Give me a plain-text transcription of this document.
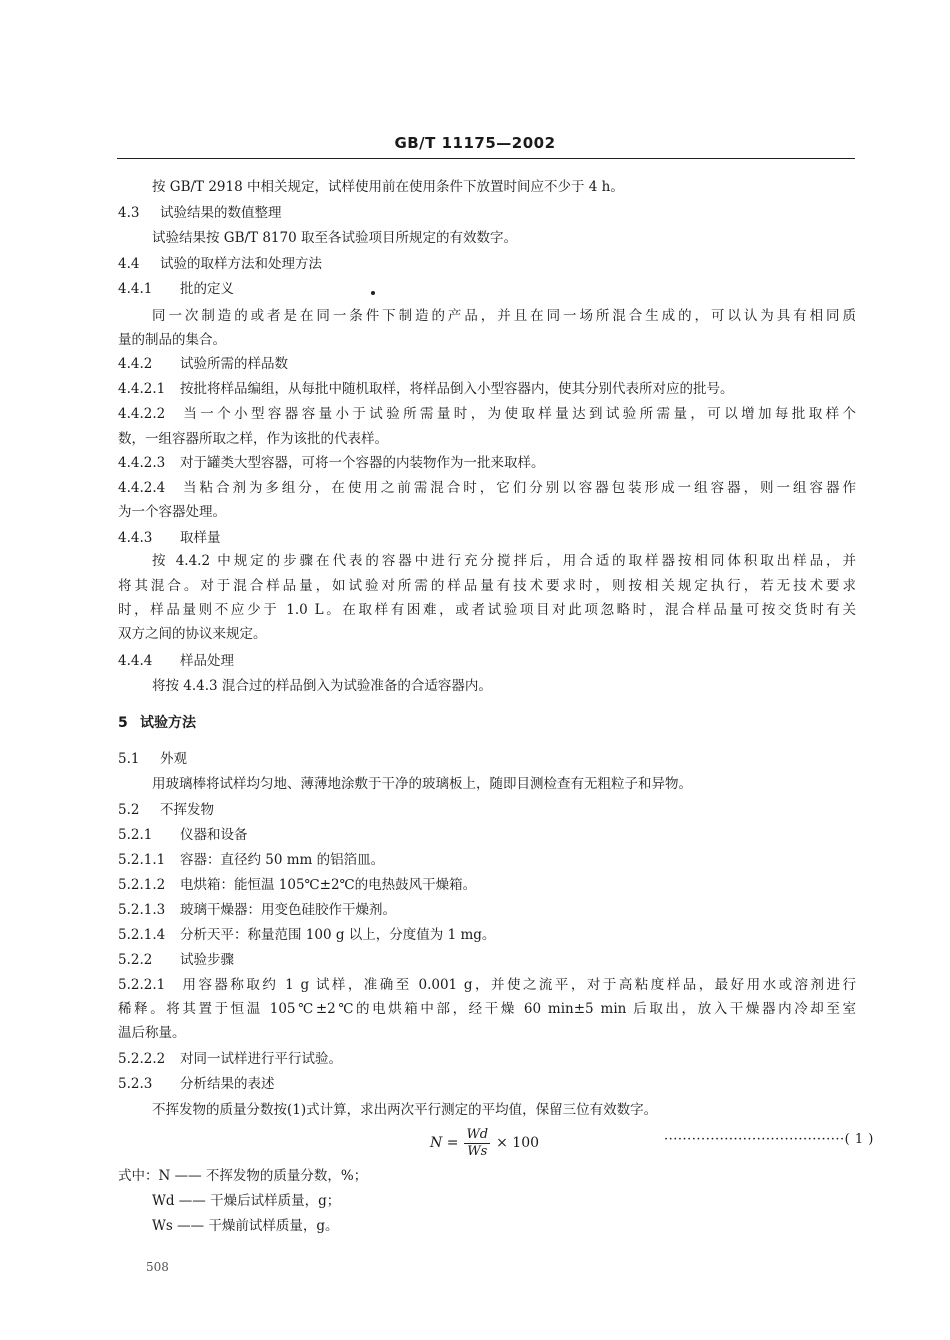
GB/T 11175—2002
按 GB/T 2918 中相关规定，试样使用前在使用条件下放置时间应不少于 4 h。
4.3 试验结果的数值整理
试验结果按 GB/T 8170 取至各试验项目所规定的有效数字。
4.4 试验的取样方法和处理方法
4.4.1 批的定义
同一次制造的或者是在同一条件下制造的产品，并且在同一场所混合生成的，可以认为具有相同质
量的制品的集合。
4.4.2 试验所需的样品数
4.4.2.1 按批将样品编组，从每批中随机取样，将样品倒入小型容器内，使其分别代表所对应的批号。
4.4.2.2 当一个小型容器容量小于试验所需量时，为使取样量达到试验所需量，可以增加每批取样个
数，一组容器所取之样，作为该批的代表样。
4.4.2.3 对于罐类大型容器，可将一个容器的内装物作为一批来取样。
4.4.2.4 当粘合剂为多组分，在使用之前需混合时，它们分别以容器包装形成一组容器，则一组容器作
为一个容器处理。
4.4.3 取样量
按 4.4.2 中规定的步骤在代表的容器中进行充分搅拌后，用合适的取样器按相同体积取出样品，并
将其混合。对于混合样品量，如试验对所需的样品量有技术要求时，则按相关规定执行，若无技术要求
时，样品量则不应少于 1.0 L。在取样有困难，或者试验项目对此项忽略时，混合样品量可按交货时有关
双方之间的协议来规定。
4.4.4 样品处理
将按 4.4.3 混合过的样品倒入为试验准备的合适容器内。
5 试验方法
5.1 外观
用玻璃棒将试样均匀地、薄薄地涂敷于干净的玻璃板上，随即目测检查有无粗粒子和异物。
5.2 不挥发物
5.2.1 仪器和设备
5.2.1.1 容器：直径约 50 mm 的铝箔皿。
5.2.1.2 电烘箱：能恒温 105℃±2℃的电热鼓风干燥箱。
5.2.1.3 玻璃干燥器：用变色硅胶作干燥剂。
5.2.1.4 分析天平：称量范围 100 g 以上，分度值为 1 mg。
5.2.2 试验步骤
5.2.2.1 用容器称取约 1 g 试样，准确至 0.001 g，并使之流平，对于高粘度样品，最好用水或溶剂进行
稀释。将其置于恒温 105℃±2℃的电烘箱中部，经干燥 60 min±5 min 后取出，放入干燥器内冷却至室
温后称量。
5.2.2.2 对同一试样进行平行试验。
5.2.3 分析结果的表述
不挥发物的质量分数按(1)式计算，求出两次平行测定的平均值，保留三位有效数字。
$N = \frac{Wd}{Ws} \times 100$	·······································( 1 )
式中：N —— 不挥发物的质量分数，%；
Wd —— 干燥后试样质量，g；
Ws —— 干燥前试样质量，g。
508
